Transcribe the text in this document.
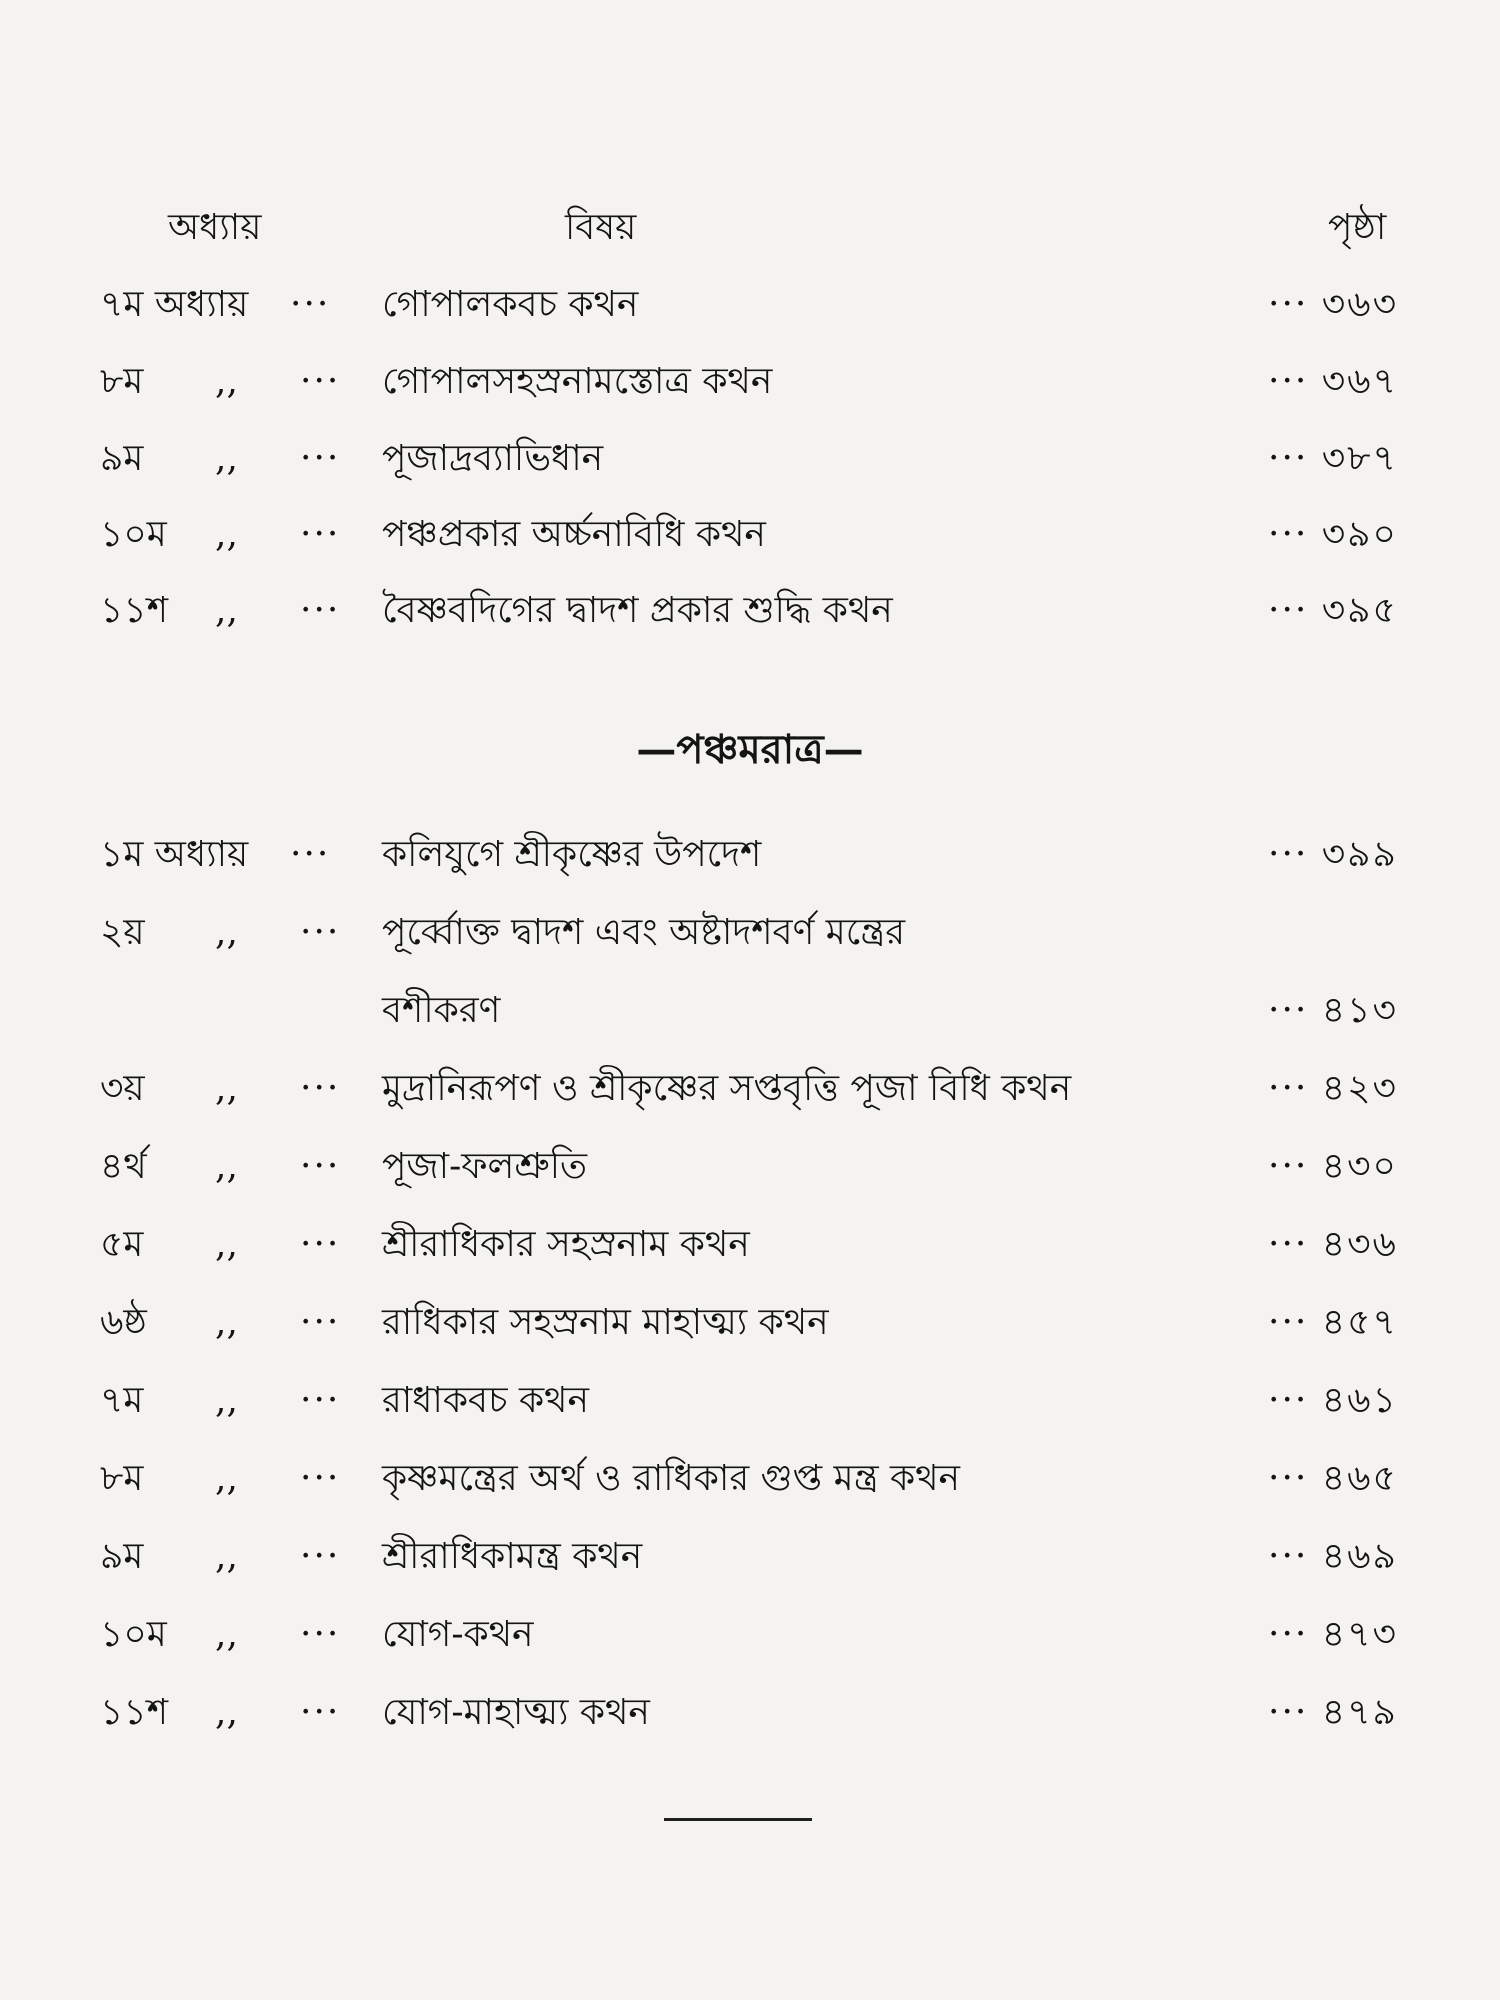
অধ্যায়	বিষয়	পৃষ্ঠা
৭ম অধ্যায় ··· গোপালকবচ কথন	··· ৩৬৩
৮ম ,, ··· গোপালসহস্রনামস্তোত্র কথন	··· ৩৬৭
৯ম ,, ··· পূজাদ্রব্যাভিধান	··· ৩৮৭
১০ম ,, ··· পঞ্চপ্রকার অর্চ্চনাবিধি কথন	··· ৩৯০
১১শ ,, ··· বৈষ্ণবদিগের দ্বাদশ প্রকার শুদ্ধি কথন	··· ৩৯৫
—পঞ্চমরাত্র—
১ম অধ্যায় ··· কলিযুগে শ্রীকৃষ্ণের উপদেশ	··· ৩৯৯
২য় ,, ··· পূর্ব্বোক্ত দ্বাদশ এবং অষ্টাদশবর্ণ মন্ত্রের
বশীকরণ	··· ৪১৩
৩য় ,, ··· মুদ্রানিরূপণ ও শ্রীকৃষ্ণের সপ্তবৃত্তি পূজা বিধি কথন	··· ৪২৩
৪র্থ ,, ··· পূজা-ফলশ্রুতি	··· ৪৩০
৫ম ,, ··· শ্রীরাধিকার সহস্রনাম কথন	··· ৪৩৬
৬ষ্ঠ ,, ··· রাধিকার সহস্রনাম মাহাত্ম্য কথন	··· ৪৫৭
৭ম ,, ··· রাধাকবচ কথন	··· ৪৬১
৮ম ,, ··· কৃষ্ণমন্ত্রের অর্থ ও রাধিকার গুপ্ত মন্ত্র কথন	··· ৪৬৫
৯ম ,, ··· শ্রীরাধিকামন্ত্র কথন	··· ৪৬৯
১০ম ,, ··· যোগ-কথন	··· ৪৭৩
১১শ ,, ··· যোগ-মাহাত্ম্য কথন	··· ৪৭৯
